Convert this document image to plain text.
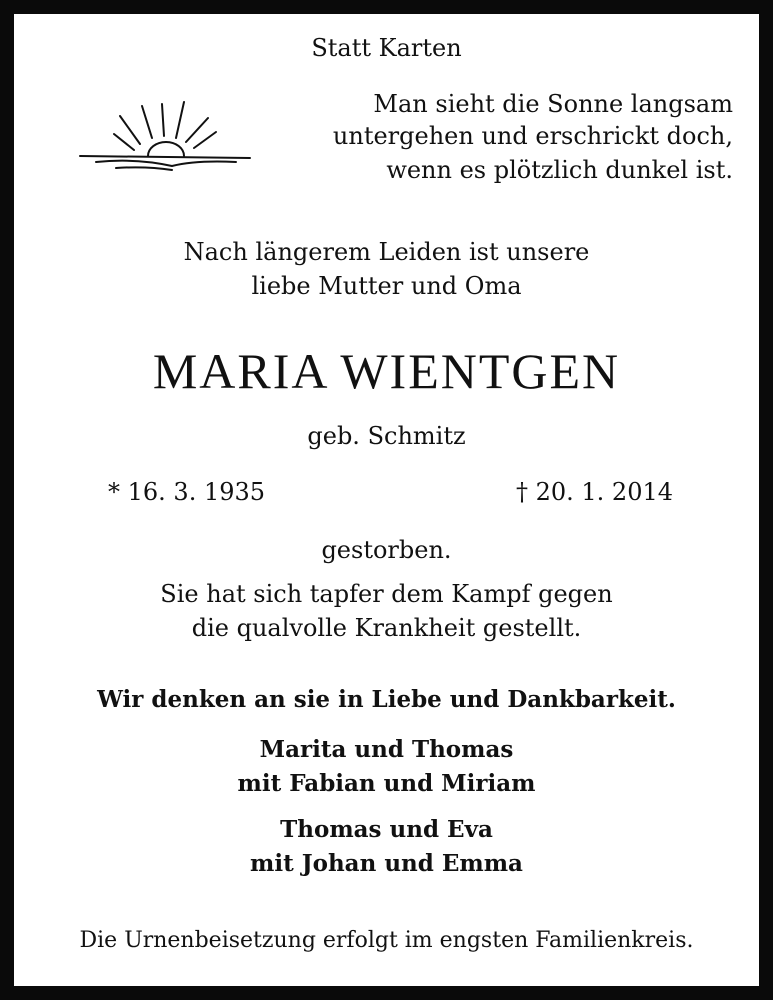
Statt Karten
Man sieht die Sonne langsam
untergehen und erschrickt doch,
wenn es plötzlich dunkel ist.
Nach längerem Leiden ist unsere
liebe Mutter und Oma
MARIA WIENTGEN
geb. Schmitz
* 16. 3. 1935	† 20. 1. 2014
gestorben.
Sie hat sich tapfer dem Kampf gegen
die qualvolle Krankheit gestellt.
Wir denken an sie in Liebe und Dankbarkeit.
Marita und Thomas
mit Fabian und Miriam
Thomas und Eva
mit Johan und Emma
Die Urnenbeisetzung erfolgt im engsten Familienkreis.
